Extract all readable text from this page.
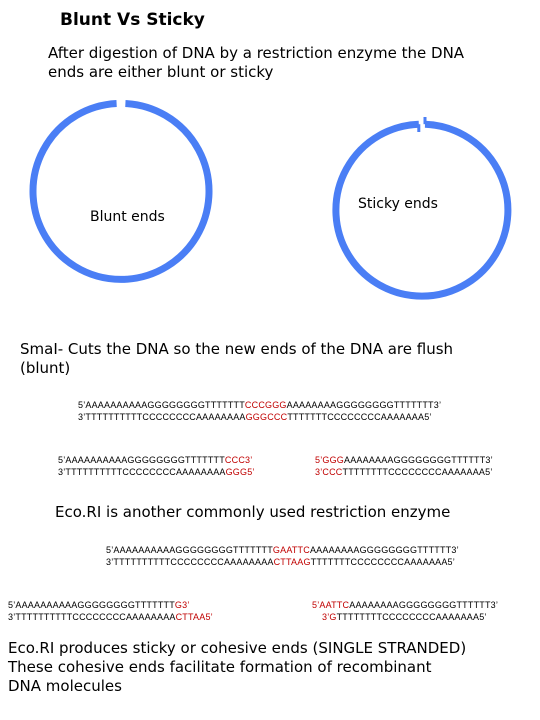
Blunt Vs Sticky
After digestion of DNA by a restriction enzyme the DNA
ends are either blunt or sticky
Blunt ends
Sticky ends
SmaI- Cuts the DNA so the new ends of the DNA are flush
(blunt)
5’AAAAAAAAAAGGGGGGGGTTTTTTTCCCGGGAAAAAAAAGGGGGGGGTTTTTTT3’
3’TTTTTTTTTTCCCCCCCCAAAAAAAAGGGCCCTTTTTTTCCCCCCCCAAAAAAA5’
5’AAAAAAAAAAGGGGGGGGTTTTTTTCCC3’
3’TTTTTTTTTTCCCCCCCCAAAAAAAAGGG5’
5’GGGAAAAAAAAGGGGGGGGTTTTTT3’
3’CCCTTTTTTTTCCCCCCCCAAAAAAA5’
Eco.RI is another commonly used restriction enzyme
5’AAAAAAAAAAGGGGGGGGTTTTTTTGAATTCAAAAAAAAGGGGGGGGTTTTTT3’
3’TTTTTTTTTTCCCCCCCCAAAAAAAACTTAAGTTTTTTTCCCCCCCCAAAAAAA5’
5’AAAAAAAAAAGGGGGGGGTTTTTTTG3’
3’TTTTTTTTTTCCCCCCCCAAAAAAAACTTAA5’
5’AATTCAAAAAAAAGGGGGGGGTTTTTT3’
3’GTTTTTTTTCCCCCCCCAAAAAAA5’
Eco.RI produces sticky or cohesive ends (SINGLE STRANDED)
These cohesive ends facilitate formation of recombinant
DNA molecules
